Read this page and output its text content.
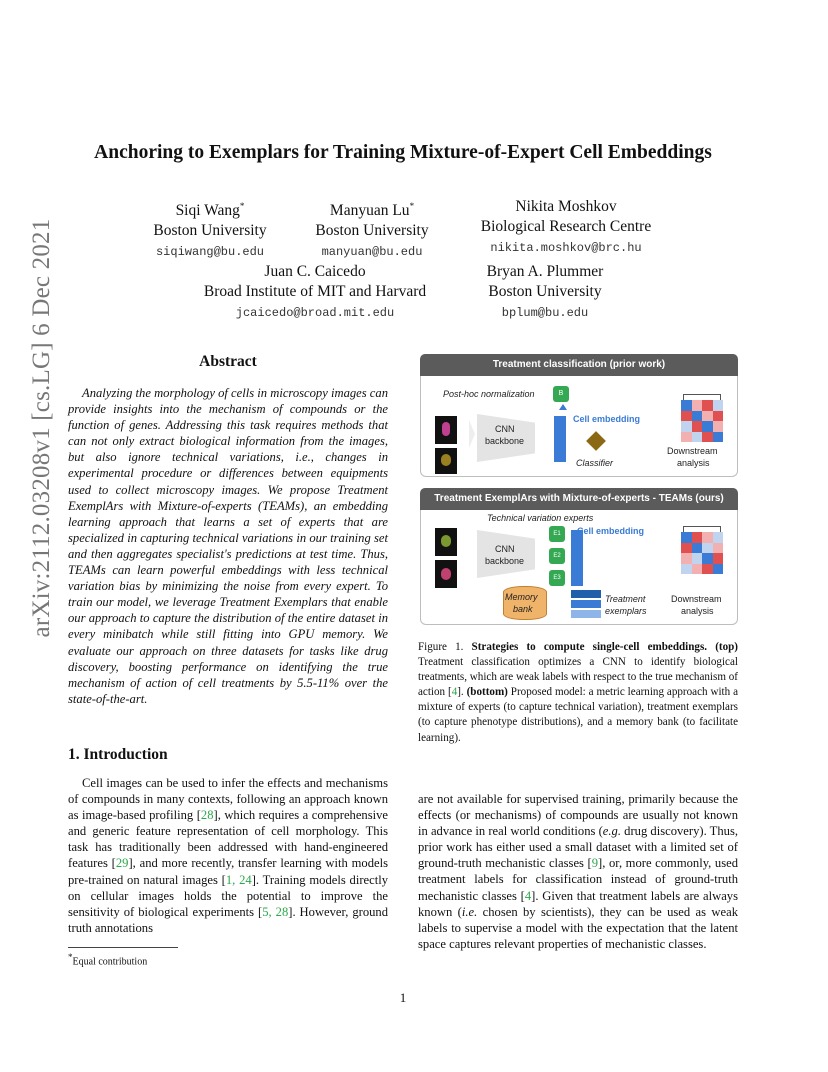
arXiv:2112.03208v1 [cs.LG] 6 Dec 2021
Anchoring to Exemplars for Training Mixture-of-Expert Cell Embeddings
Siqi Wang*
Boston University
siqiwang@bu.edu
Manyuan Lu*
Boston University
manyuan@bu.edu
Nikita Moshkov
Biological Research Centre
nikita.moshkov@brc.hu
Juan C. Caicedo
Broad Institute of MIT and Harvard
jcaicedo@broad.mit.edu
Bryan A. Plummer
Boston University
bplum@bu.edu
Abstract
Analyzing the morphology of cells in microscopy images can provide insights into the mechanism of compounds or the function of genes. Addressing this task requires methods that can not only extract biological information from the images, but also ignore technical variations, i.e., changes in experimental procedure or differences between equipments used to collect microscopy images. We propose Treatment ExemplArs with Mixture-of-experts (TEAMs), an embedding learning approach that learns a set of experts that are specialized in capturing technical variations in our training set and then aggregates specialist's predictions at test time. Thus, TEAMs can learn powerful embeddings with less technical variation bias by minimizing the noise from every expert. To train our model, we leverage Treatment Exemplars that enable our approach to capture the distribution of the entire dataset in every minibatch while still fitting into GPU memory. We evaluate our approach on three datasets for tasks like drug discovery, boosting performance on identifying the true mechanism of action of cell treatments by 5.5-11% over the state-of-the-art.
Treatment classification (prior work)
Post-hoc normalization	B
CNN
backbone
Cell embedding
Classifier
Downstream
analysis
Treatment ExemplArs with Mixture-of-experts - TEAMs (ours)
Technical variation experts
CNN
backbone
E1
E2
E3
Cell embedding
Memory
bank
Treatment
exemplars
Downstream
analysis
Figure 1. Strategies to compute single-cell embeddings. (top) Treatment classification optimizes a CNN to identify biological treatments, which are weak labels with respect to the true mechanism of action [4]. (bottom) Proposed model: a metric learning approach with a mixture of experts (to capture technical variation), treatment exemplars (to capture phenotype distributions), and a memory bank (to facilitate learning).
1. Introduction
Cell images can be used to infer the effects and mechanisms of compounds in many contexts, following an approach known as image-based profiling [28], which requires a comprehensive and generic feature representation of cell morphology. This task has traditionally been addressed with hand-engineered features [29], and more recently, transfer learning with models pre-trained on natural images [1, 24]. Training models directly on cellular images holds the potential to improve the sensitivity of biological experiments [5, 28]. However, ground truth annotations
are not available for supervised training, primarily because the effects (or mechanisms) of compounds are usually not known in advance in real world conditions (e.g. drug discovery). Thus, prior work has either used a small dataset with a limited set of ground-truth mechanistic classes [9], or, more commonly, used treatment labels for classification instead of ground-truth mechanistic classes [4]. Given that treatment labels are always known (i.e. chosen by scientists), they can be used as weak labels to supervise a model with the expectation that the latent space captures relevant properties of mechanistic classes.
*Equal contribution
1
